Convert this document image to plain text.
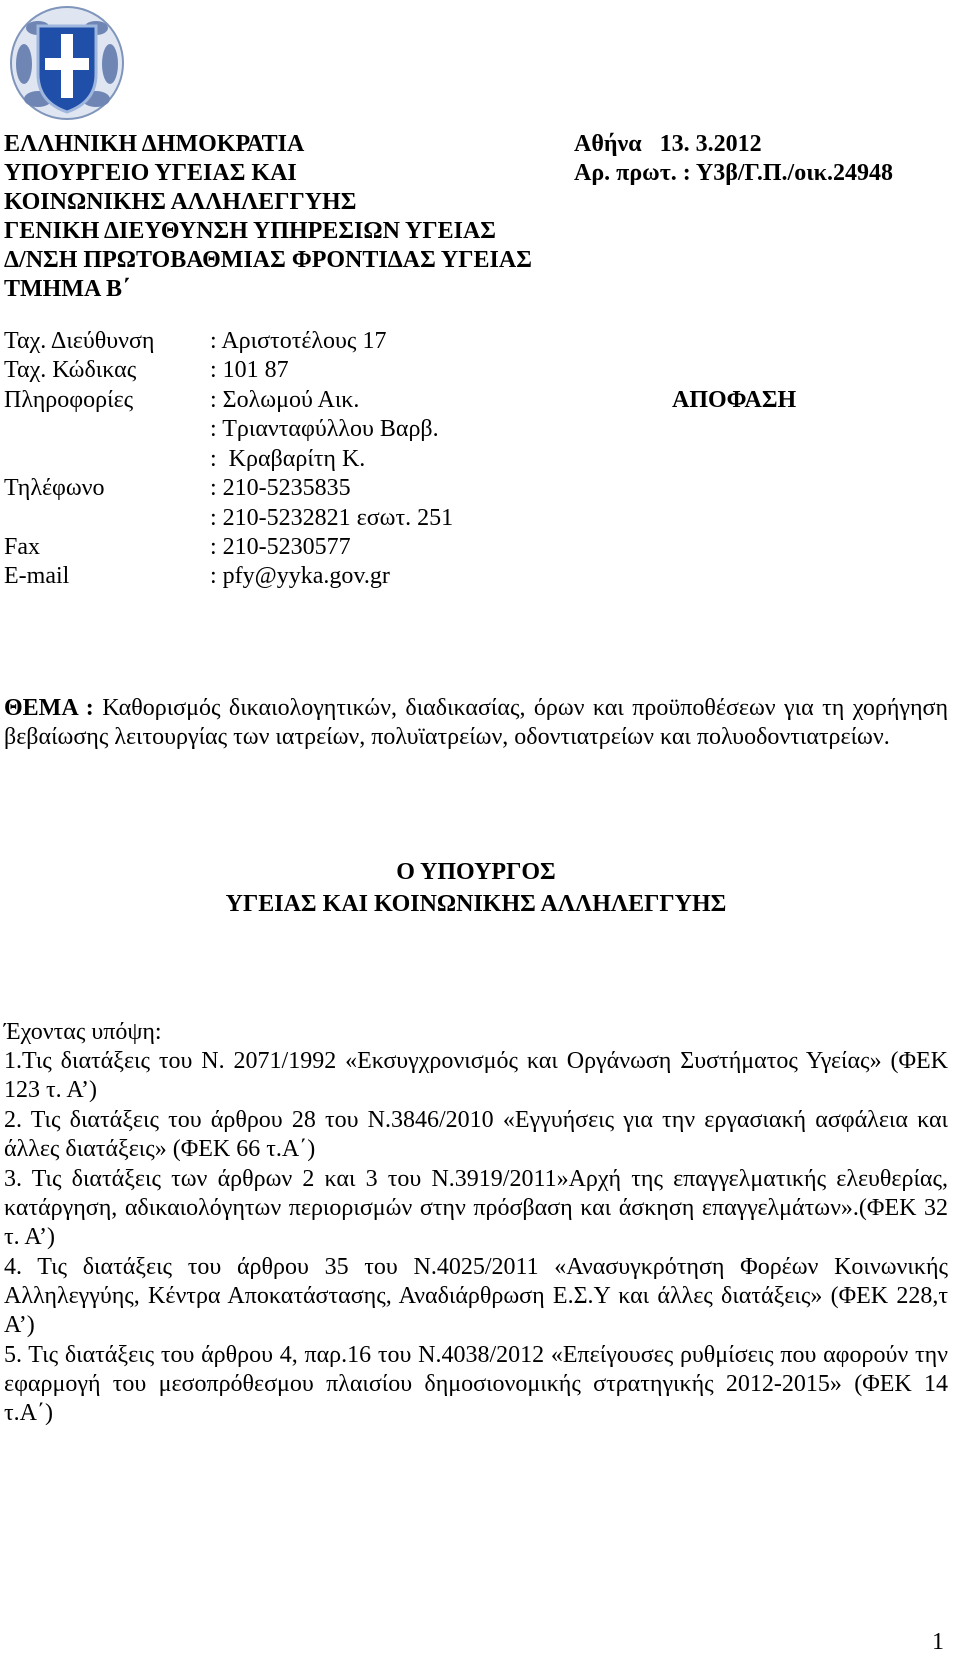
ΕΛΛΗΝΙΚΗ ΔΗΜΟΚΡΑΤΙΑ
ΥΠΟΥΡΓΕΙΟ ΥΓΕΙΑΣ ΚΑΙ
ΚΟΙΝΩΝΙΚΗΣ ΑΛΛΗΛΕΓΓΥΗΣ
ΓΕΝΙΚΗ ΔΙΕΥΘΥΝΣΗ ΥΠΗΡΕΣΙΩΝ ΥΓΕΙΑΣ
Δ/ΝΣΗ ΠΡΩΤΟΒΑΘΜΙΑΣ ΦΡΟΝΤΙΔΑΣ ΥΓΕΙΑΣ
ΤΜΗΜΑ Β΄
Αθήνα   13. 3.2012
Αρ. πρωτ. : Υ3β/Γ.Π./οικ.24948
Ταχ. Διεύθυνση : Αριστοτέλους 17
Ταχ. Κώδικας	: 101 87
Πληροφορίες	: Σολωμού Αικ.
: Τριανταφύλλου Βαρβ.
:  Κραβαρίτη Κ.
ΑΠΟΦΑΣΗ
Τηλέφωνο	: 210-5235835
: 210-5232821 εσωτ. 251
Fax	: 210-5230577
E-mail	: pfy@yyka.gov.gr
ΘΕΜΑ : Καθορισμός δικαιολογητικών, διαδικασίας, όρων και προϋποθέσεων για τη χορήγηση βεβαίωσης λειτουργίας των ιατρείων, πολυϊατρείων, οδοντιατρείων και πολυοδοντιατρείων.
Ο ΥΠΟΥΡΓΟΣ
ΥΓΕΙΑΣ ΚΑΙ ΚΟΙΝΩΝΙΚΗΣ ΑΛΛΗΛΕΓΓΥΗΣ
Έχοντας υπόψη:
1.Τις διατάξεις του Ν. 2071/1992 «Εκσυγχρονισμός και Οργάνωση Συστήματος Υγείας» (ΦΕΚ 123 τ. Α’)
2. Τις διατάξεις του άρθρου 28 του Ν.3846/2010 «Εγγυήσεις για την εργασιακή ασφάλεια και άλλες διατάξεις» (ΦΕΚ 66 τ.Α΄)
3. Τις διατάξεις των άρθρων 2 και 3 του Ν.3919/2011»Αρχή της επαγγελματικής ελευθερίας, κατάργηση, αδικαιολόγητων περιορισμών στην πρόσβαση και άσκηση επαγγελμάτων».(ΦΕΚ 32 τ. Α’)
4. Τις διατάξεις του άρθρου 35 του Ν.4025/2011 «Ανασυγκρότηση Φορέων Κοινωνικής Αλληλεγγύης, Κέντρα Αποκατάστασης, Αναδιάρθρωση Ε.Σ.Υ και άλλες διατάξεις» (ΦΕΚ 228,τ Α’)
5. Τις διατάξεις του άρθρου 4, παρ.16 του Ν.4038/2012 «Επείγουσες ρυθμίσεις που αφορούν την εφαρμογή του μεσοπρόθεσμου πλαισίου δημοσιονομικής στρατηγικής 2012-2015» (ΦΕΚ 14 τ.Α΄)
1
